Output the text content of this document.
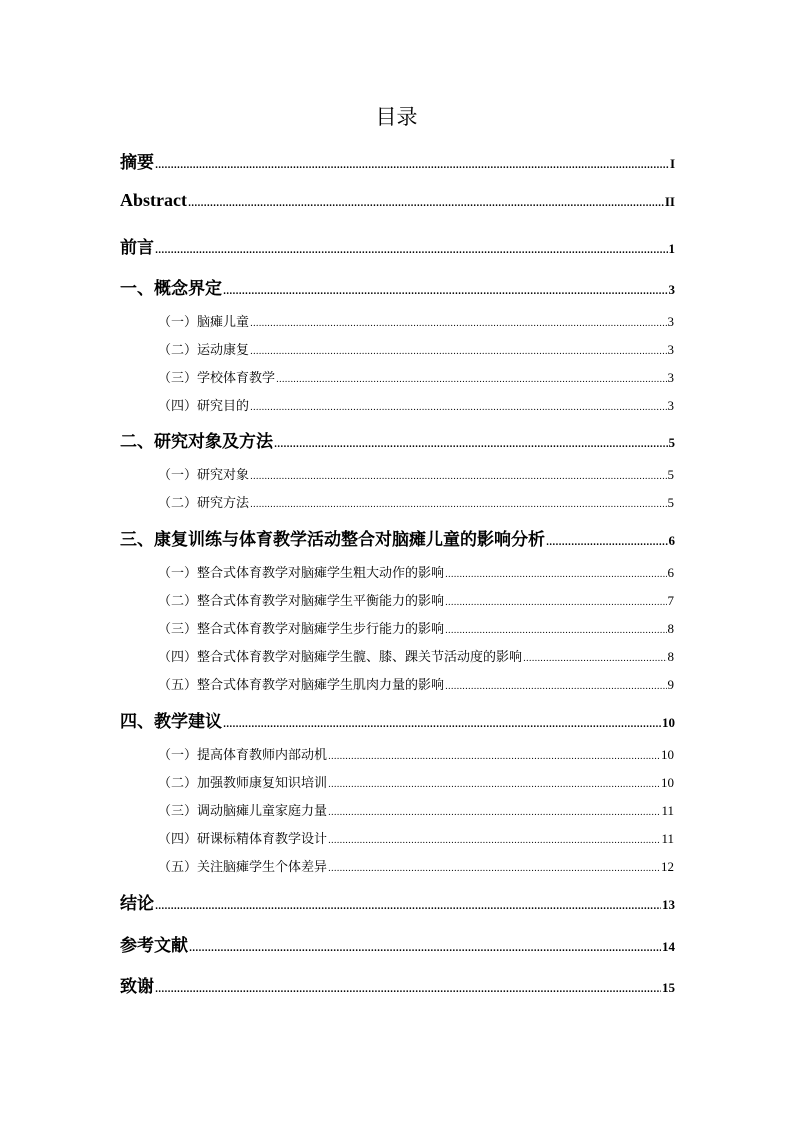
目录
摘要 .....	I
Abstract .....	II
前言 .....	1
一、概念界定 .....	3
（一）脑瘫儿童 .....	3
（二）运动康复 .....	3
（三）学校体育教学 .....	3
（四）研究目的 .....	3
二、研究对象及方法 .....	5
（一）研究对象 .....	5
（二）研究方法 .....	5
三、康复训练与体育教学活动整合对脑瘫儿童的影响分析 .....	6
（一）整合式体育教学对脑瘫学生粗大动作的影响 .....	6
（二）整合式体育教学对脑瘫学生平衡能力的影响 .....	7
（三）整合式体育教学对脑瘫学生步行能力的影响 .....	8
（四）整合式体育教学对脑瘫学生髋、膝、踝关节活动度的影响 .....	8
（五）整合式体育教学对脑瘫学生肌肉力量的影响 .....	9
四、教学建议 .....	10
（一）提高体育教师内部动机 .....	10
（二）加强教师康复知识培训 .....	10
（三）调动脑瘫儿童家庭力量 .....	11
（四）研课标精体育教学设计 .....	11
（五）关注脑瘫学生个体差异 .....	12
结论 .....	13
参考文献 .....	14
致谢 .....	15
